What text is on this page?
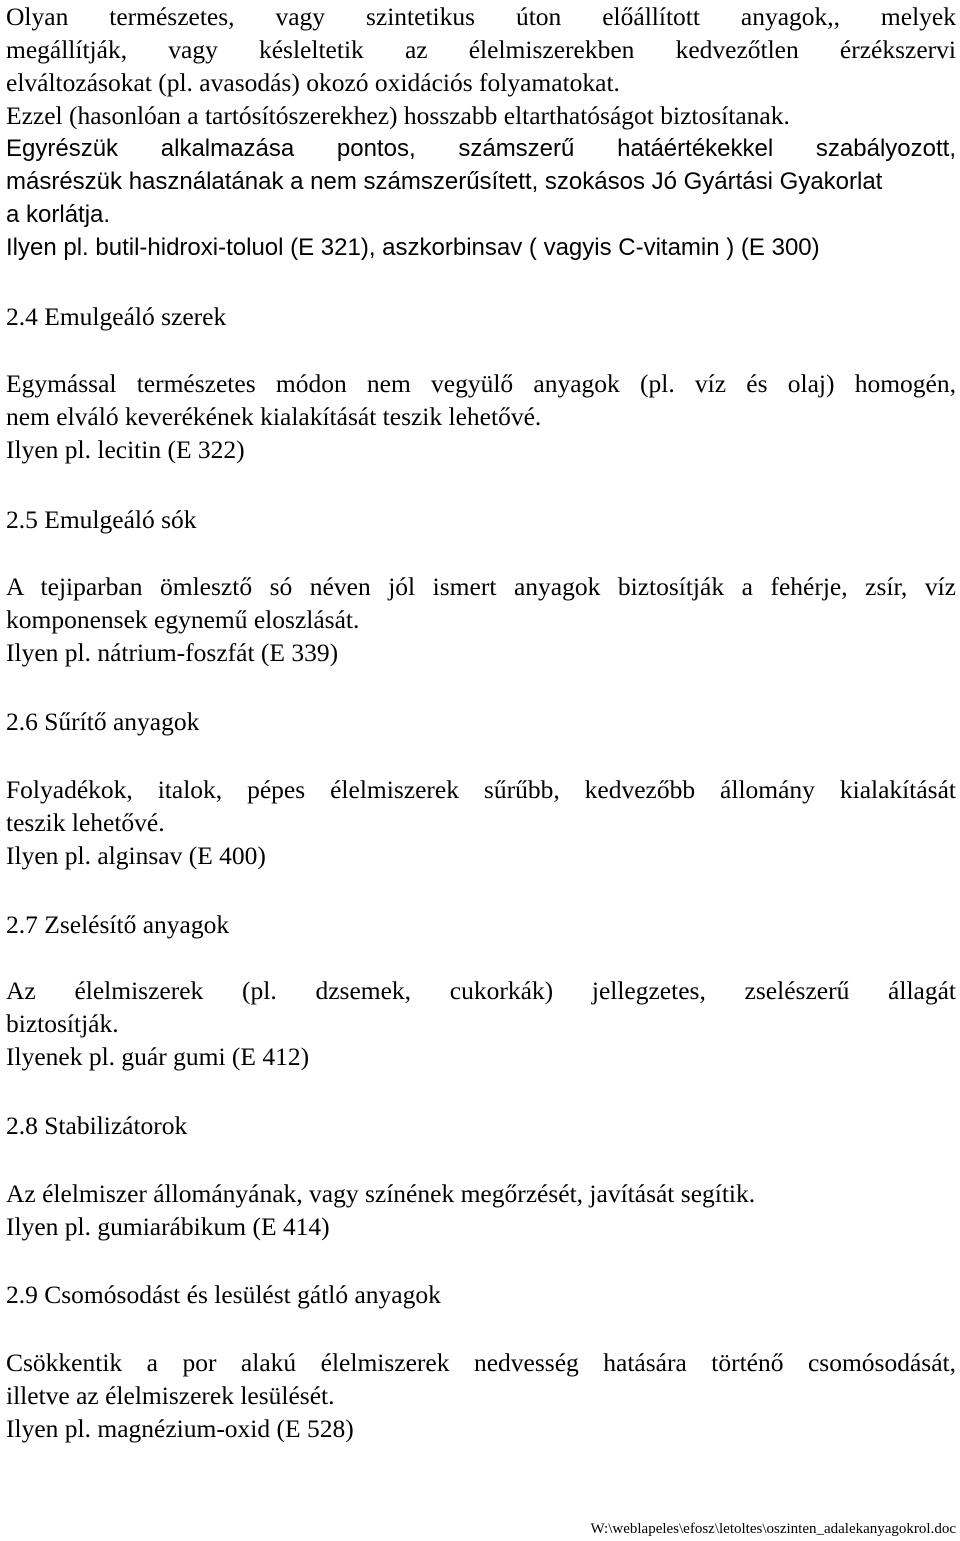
Olyan természetes, vagy szintetikus úton előállított anyagok,, melyek
megállítják, vagy késleltetik az élelmiszerekben kedvezőtlen érzékszervi
elváltozásokat (pl. avasodás) okozó oxidációs folyamatokat.
Ezzel (hasonlóan a tartósítószerekhez) hosszabb eltarthatóságot biztosítanak.
Egyrészük alkalmazása pontos, számszerű hatáértékekkel szabályozott,
másrészük használatának a nem számszerűsített, szokásos Jó Gyártási Gyakorlat
a korlátja.
Ilyen pl. butil-hidroxi-toluol (E 321), aszkorbinsav ( vagyis C-vitamin ) (E 300)
2.4 Emulgeáló szerek
Egymással természetes módon nem vegyülő anyagok (pl. víz és olaj) homogén,
nem elváló keverékének kialakítását teszik lehetővé.
Ilyen pl. lecitin (E 322)
2.5 Emulgeáló sók
A tejiparban ömlesztő só néven jól ismert anyagok biztosítják a fehérje, zsír, víz
komponensek egynemű eloszlását.
Ilyen pl. nátrium-foszfát (E 339)
2.6 Sűrítő anyagok
Folyadékok, italok, pépes élelmiszerek sűrűbb, kedvezőbb állomány kialakítását
teszik lehetővé.
Ilyen pl. alginsav (E 400)
2.7 Zselésítő anyagok
Az élelmiszerek (pl. dzsemek, cukorkák) jellegzetes, zselészerű állagát
biztosítják.
Ilyenek pl. guár gumi (E 412)
2.8 Stabilizátorok
Az élelmiszer állományának, vagy színének megőrzését, javítását segítik.
Ilyen pl. gumiarábikum (E 414)
2.9 Csomósodást és lesülést gátló anyagok
Csökkentik a por alakú élelmiszerek nedvesség hatására történő csomósodását,
illetve az élelmiszerek lesülését.
Ilyen pl. magnézium-oxid (E 528)
W:\weblapeles\efosz\letoltes\oszinten_adalekanyagokrol.doc
